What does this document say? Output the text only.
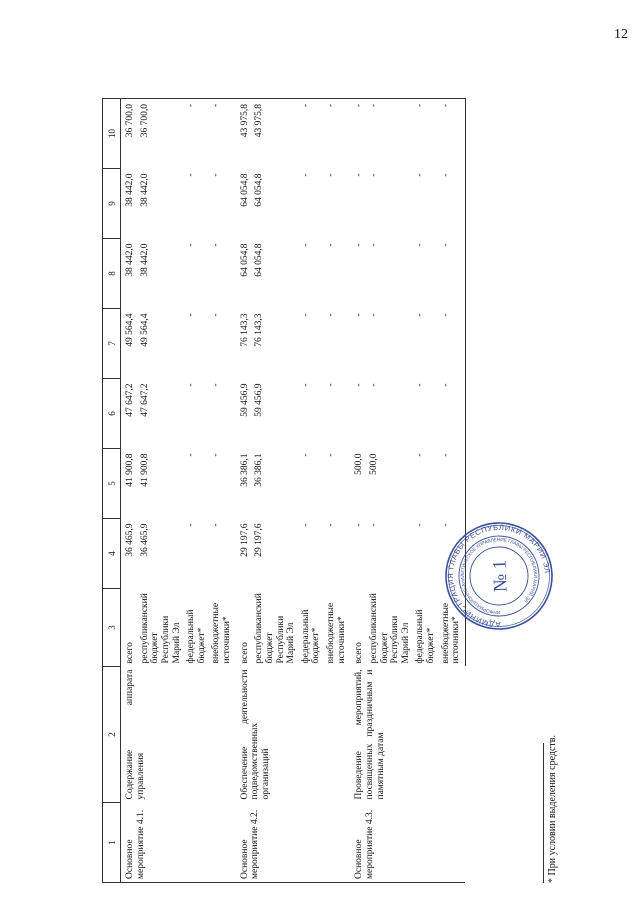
12
1	2	3	4	5	6	7	8	9	10
Основное мероприятие 4.1.	Содержание аппарата управления	всего	36 465,9	41 900,8	47 647,2	49 564,4	38 442,0	38 442,0	36 700,0
		республиканский бюджет Республики Марий Эл	36 465,9	41 900,8	47 647,2	49 564,4	38 442,0	38 442,0	36 700,0
		федеральный бюджет*	-	-	-	-	-	-	-
		внебюджетные источники*	-	-	-	-	-	-	-
Основное мероприятие 4.2.	Обеспечение деятельности подведомственных организаций	всего	29 197,6	36 386,1	59 456,9	76 143,3	64 054,8	64 054,8	43 975,8
		республиканский бюджет Республики Марий Эл	29 197,6	36 386,1	59 456,9	76 143,3	64 054,8	64 054,8	43 975,8
		федеральный бюджет*	-	-	-	-	-	-	-
		внебюджетные источники*	-	-	-	-	-	-	-
Основное мероприятие 4.3.	Проведение мероприятий, посвященных праздничным и памятным датам	всего	-	500,0	-	-	-	-	-
		республиканский бюджет Республики Марий Эл	-	500,0	-	-	-	-	-
		федеральный бюджет*	-	-	-	-	-	-	-
		внебюджетные источники*	-	-	-	-	-	-	-
* При условии выделения средств.
АДМИНИСТРАЦИЯ ГЛАВЫ РЕСПУБЛИКИ МАРИЙ ЭЛ
ИНФОРМАЦИОННО-АНАЛИТИЧЕСКОЕ УПРАВЛЕНИЕ ГЛАВЫ РЕСПУБЛИКИ МАРИЙ ЭЛ
№ 1
